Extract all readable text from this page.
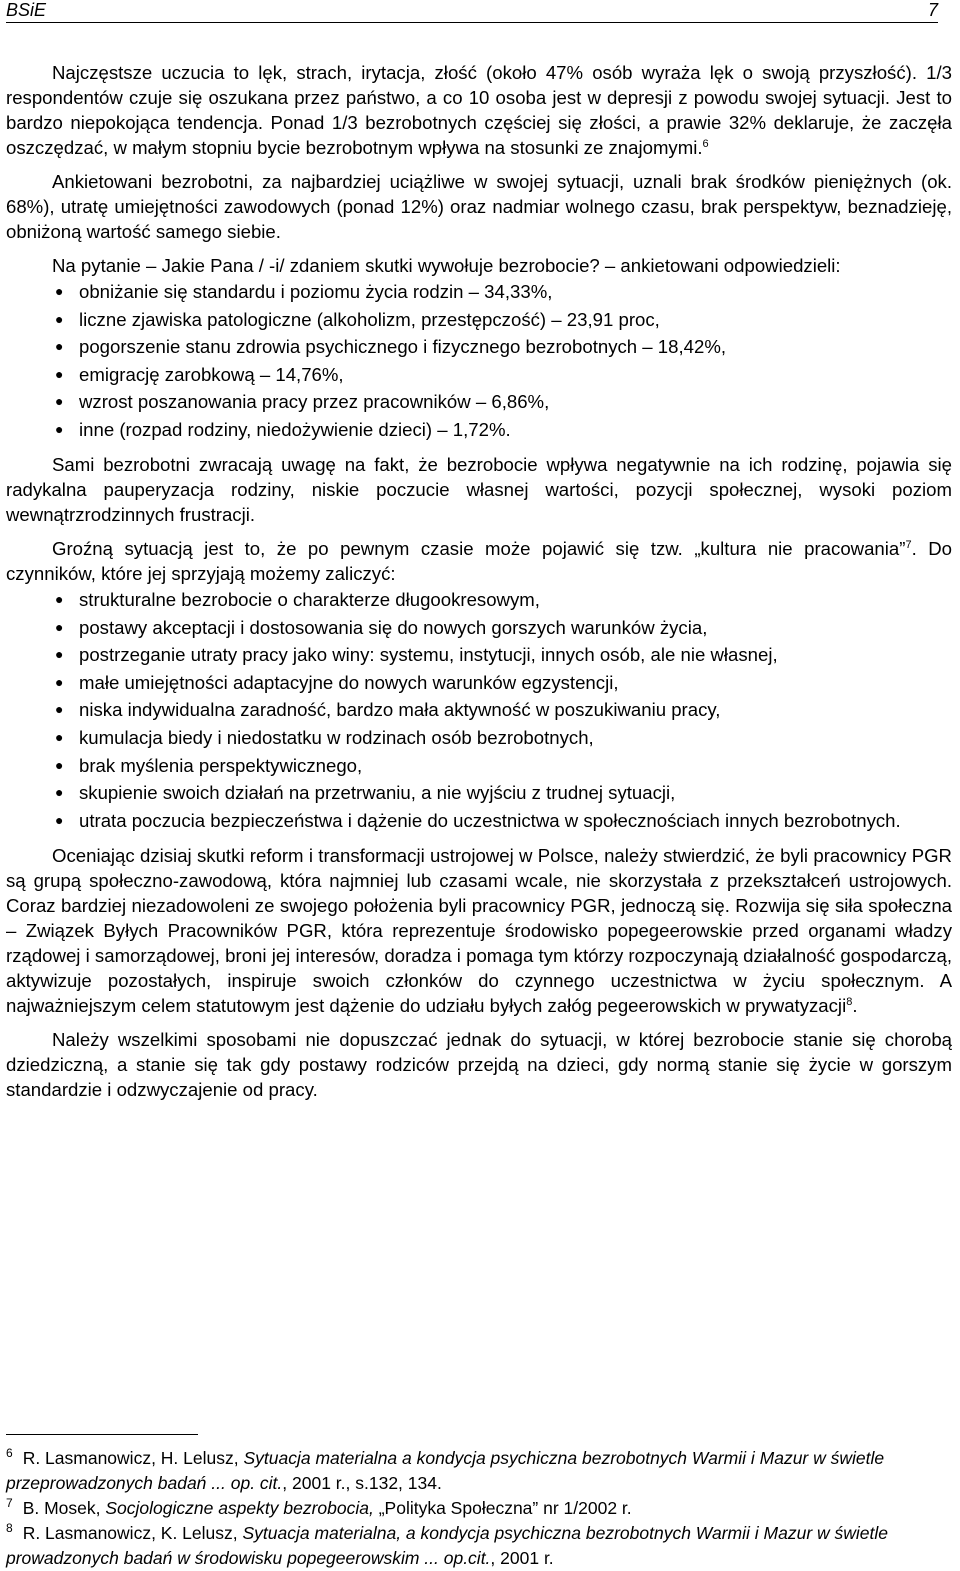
BSiE	7

Najczęstsze uczucia to lęk, strach, irytacja, złość (około 47% osób wyraża lęk o swoją przyszłość). 1/3 respondentów czuje się oszukana przez państwo, a co 10 osoba jest w depresji z powodu swojej sytuacji. Jest to bardzo niepokojąca tendencja. Ponad 1/3 bezrobotnych częściej się złości, a prawie 32% deklaruje, że zaczęła oszczędzać, w małym stopniu bycie bezrobotnym wpływa na stosunki ze znajomymi.$^6$

Ankietowani bezrobotni, za najbardziej uciążliwe w swojej sytuacji, uznali brak środków pieniężnych (ok. 68%), utratę umiejętności zawodowych (ponad 12%) oraz nadmiar wolnego czasu, brak perspektyw, beznadzieję, obniżoną wartość samego siebie.

Na pytanie – Jakie Pana / -i/ zdaniem skutki wywołuje bezrobocie? – ankietowani odpowiedzieli:

● obniżanie się standardu i poziomu życia rodzin – 34,33%,
● liczne zjawiska patologiczne (alkoholizm, przestępczość) – 23,91 proc,
● pogorszenie stanu zdrowia psychicznego i fizycznego bezrobotnych – 18,42%,
● emigrację zarobkową – 14,76%,
● wzrost poszanowania pracy przez pracowników – 6,86%,
● inne (rozpad rodziny, niedożywienie dzieci) – 1,72%.

Sami bezrobotni zwracają uwagę na fakt, że bezrobocie wpływa negatywnie na ich rodzinę, pojawia się radykalna pauperyzacja rodziny, niskie poczucie własnej wartości, pozycji społecznej, wysoki poziom wewnątrzrodzinnych frustracji.

Groźną sytuacją jest to, że po pewnym czasie może pojawić się tzw. „kultura nie pracowania”$^7$. Do czynników, które jej sprzyjają możemy zaliczyć:

● strukturalne bezrobocie o charakterze długookresowym,
● postawy akceptacji i dostosowania się do nowych gorszych warunków życia,
● postrzeganie utraty pracy jako winy: systemu, instytucji, innych osób, ale nie własnej,
● małe umiejętności adaptacyjne do nowych warunków egzystencji,
● niska indywidualna zaradność, bardzo mała aktywność w poszukiwaniu pracy,
● kumulacja biedy i niedostatku w rodzinach osób bezrobotnych,
● brak myślenia perspektywicznego,
● skupienie swoich działań na przetrwaniu, a nie wyjściu z trudnej sytuacji,
● utrata poczucia bezpieczeństwa i dążenie do uczestnictwa w społecznościach innych bezrobotnych.

Oceniając dzisiaj skutki reform i transformacji ustrojowej w Polsce, należy stwierdzić, że byli pracownicy PGR są grupą społeczno-zawodową, która najmniej lub czasami wcale, nie skorzystała z przekształceń ustrojowych. Coraz bardziej niezadowoleni ze swojego położenia byli pracownicy PGR, jednoczą się. Rozwija się siła społeczna – Związek Byłych Pracowników PGR, która reprezentuje środowisko popegeerowskie przed organami władzy rządowej i samorządowej, broni jej interesów, doradza i pomaga tym którzy rozpoczynają działalność gospodarczą, aktywizuje pozostałych, inspiruje swoich członków do czynnego uczestnictwa w życiu społecznym. A najważniejszym celem statutowym jest dążenie do udziału byłych załóg pegeerowskich w prywatyzacji$^8$.

Należy wszelkimi sposobami nie dopuszczać jednak do sytuacji, w której bezrobocie stanie się chorobą dziedziczną, a stanie się tak gdy postawy rodziców przejdą na dzieci, gdy normą stanie się życie w gorszym standardzie i odzwyczajenie od pracy.

$^6$ R. Lasmanowicz, H. Lelusz, Sytuacja materialna a kondycja psychiczna bezrobotnych Warmii i Mazur w świetle przeprowadzonych badań ... op. cit., 2001 r., s.132, 134.
$^7$ B. Mosek, Socjologiczne aspekty bezrobocia, „Polityka Społeczna” nr 1/2002 r.
$^8$ R. Lasmanowicz, K. Lelusz, Sytuacja materialna, a kondycja psychiczna bezrobotnych Warmii i Mazur w świetle prowadzonych badań w środowisku popegeerowskim ... op.cit., 2001 r.
